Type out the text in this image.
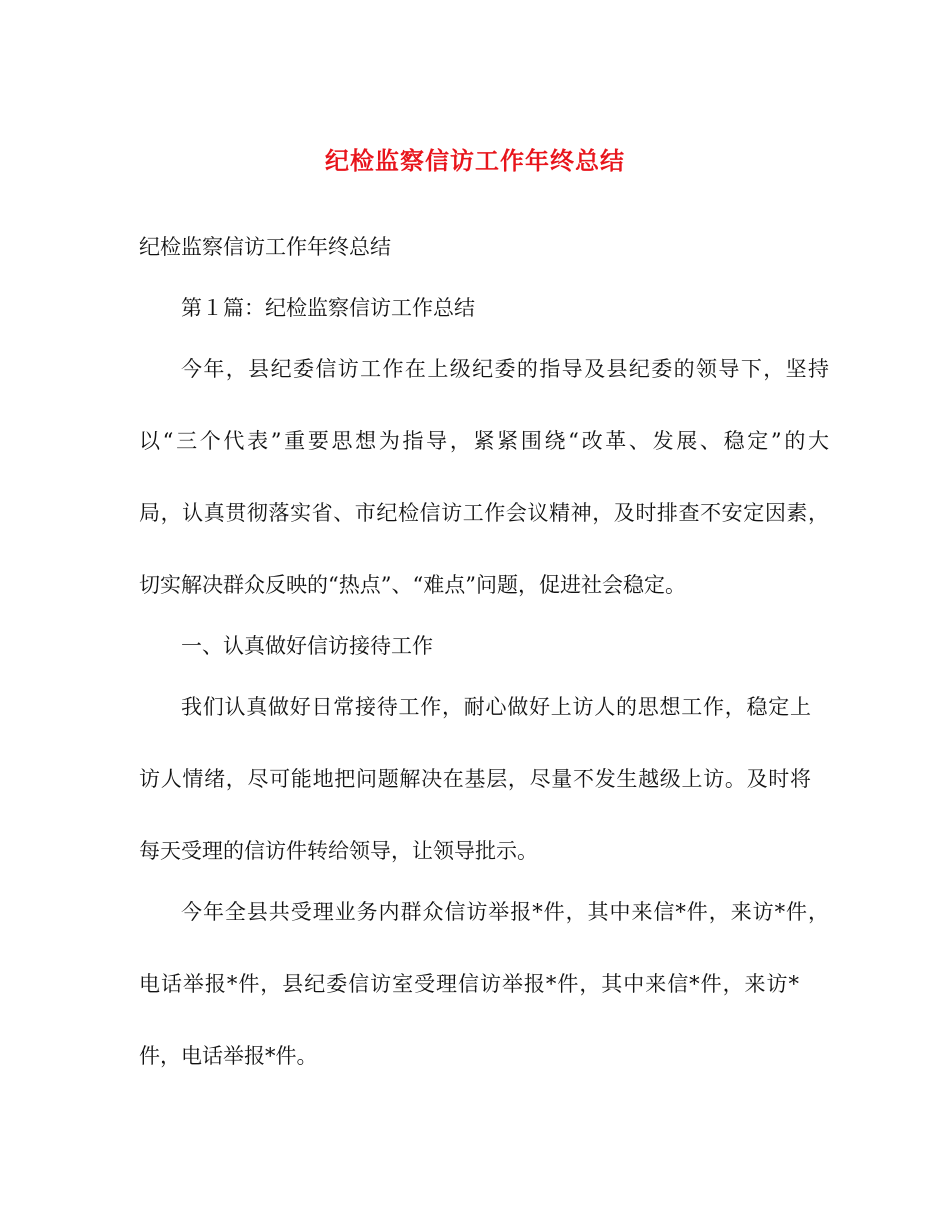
纪检监察信访工作年终总结
纪检监察信访工作年终总结
第１篇：纪检监察信访工作总结
今年，县纪委信访工作在上级纪委的指导及县纪委的领导下，坚持
以“三个代表”重要思想为指导，紧紧围绕“改革、发展、稳定”的大
局，认真贯彻落实省、市纪检信访工作会议精神，及时排查不安定因素，
切实解决群众反映的“热点”、“难点”问题，促进社会稳定。
一、认真做好信访接待工作
我们认真做好日常接待工作，耐心做好上访人的思想工作，稳定上
访人情绪，尽可能地把问题解决在基层，尽量不发生越级上访。及时将
每天受理的信访件转给领导，让领导批示。
今年全县共受理业务内群众信访举报*件，其中来信*件，来访*件，
电话举报*件，县纪委信访室受理信访举报*件，其中来信*件，来访*
件，电话举报*件。
